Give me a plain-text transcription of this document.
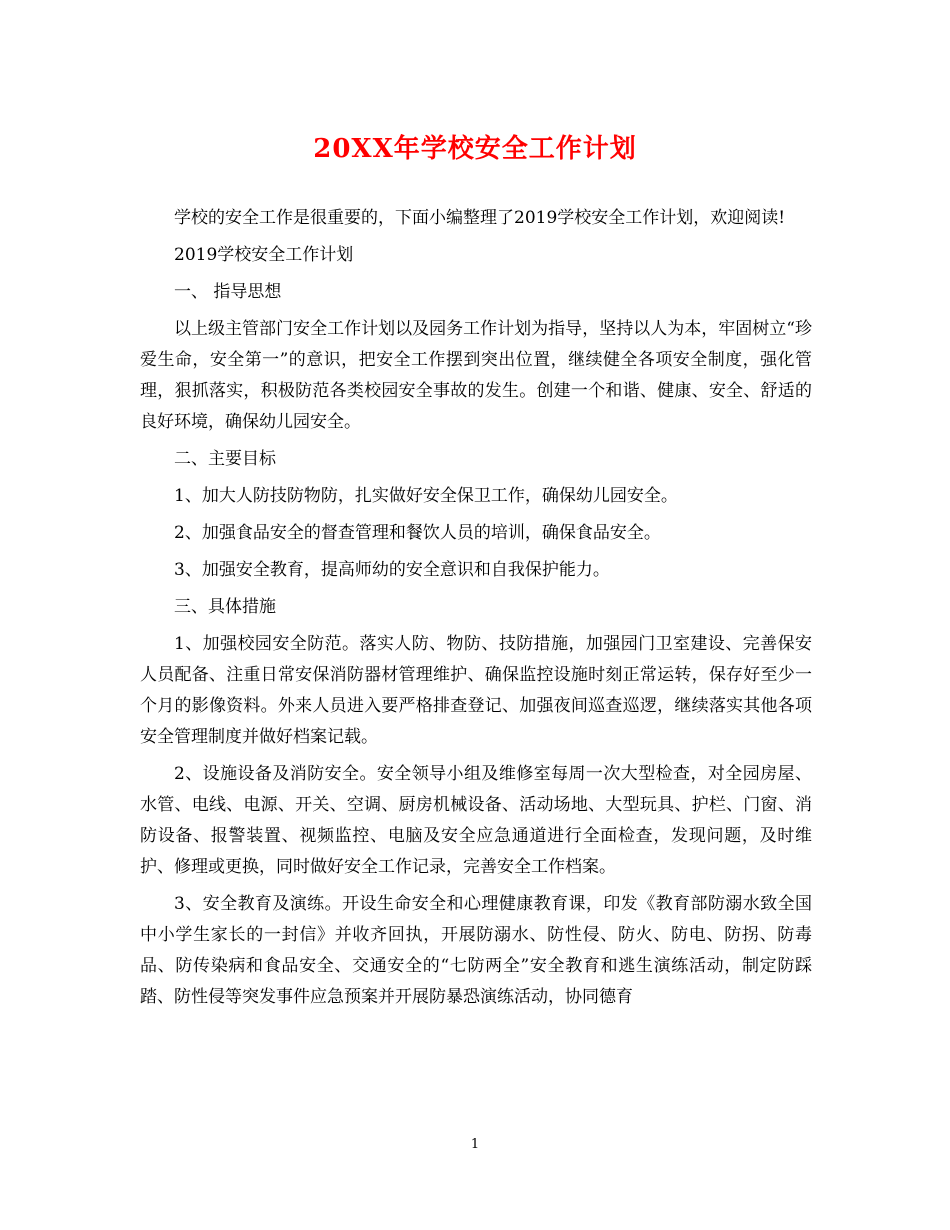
20XX年学校安全工作计划

学校的安全工作是很重要的，下面小编整理了2019学校安全工作计划，欢迎阅读!

2019学校安全工作计划

一、 指导思想

以上级主管部门安全工作计划以及园务工作计划为指导，坚持以人为本，牢固树立“珍爱生命，安全第一”的意识，把安全工作摆到突出位置，继续健全各项安全制度，强化管理，狠抓落实，积极防范各类校园安全事故的发生。创建一个和谐、健康、安全、舒适的良好环境，确保幼儿园安全。

二、主要目标

1、加大人防技防物防，扎实做好安全保卫工作，确保幼儿园安全。

2、加强食品安全的督查管理和餐饮人员的培训，确保食品安全。

3、加强安全教育，提高师幼的安全意识和自我保护能力。

三、具体措施

1、加强校园安全防范。落实人防、物防、技防措施，加强园门卫室建设、完善保安人员配备、注重日常安保消防器材管理维护、确保监控设施时刻正常运转，保存好至少一个月的影像资料。外来人员进入要严格排查登记、加强夜间巡查巡逻，继续落实其他各项安全管理制度并做好档案记载。

2、设施设备及消防安全。安全领导小组及维修室每周一次大型检查，对全园房屋、水管、电线、电源、开关、空调、厨房机械设备、活动场地、大型玩具、护栏、门窗、消防设备、报警装置、视频监控、电脑及安全应急通道进行全面检查，发现问题，及时维护、修理或更换，同时做好安全工作记录，完善安全工作档案。

3、安全教育及演练。开设生命安全和心理健康教育课，印发《教育部防溺水致全国中小学生家长的一封信》并收齐回执，开展防溺水、防性侵、防火、防电、防拐、防毒品、防传染病和食品安全、交通安全的“七防两全”安全教育和逃生演练活动，制定防踩踏、防性侵等突发事件应急预案并开展防暴恐演练活动，协同德育

1
